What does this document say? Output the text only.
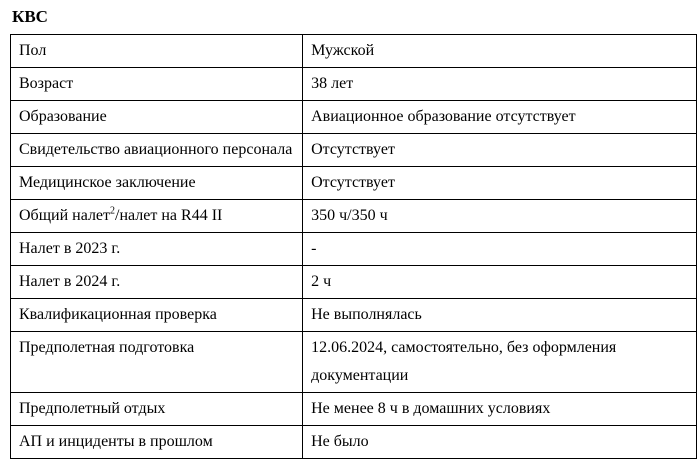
КВС
Пол	Мужской
Возраст	38 лет
Образование	Авиационное образование отсутствует
Свидетельство авиационного персонала	Отсутствует
Медицинское заключение	Отсутствует
Общий налет$^2$/налет на R44 II	350 ч/350 ч
Налет в 2023 г.	-
Налет в 2024 г.	2 ч
Квалификационная проверка	Не выполнялась
Предполетная подготовка	12.06.2024, самостоятельно, без оформления документации
Предполетный отдых	Не менее 8 ч в домашних условиях
АП и инциденты в прошлом	Не было
